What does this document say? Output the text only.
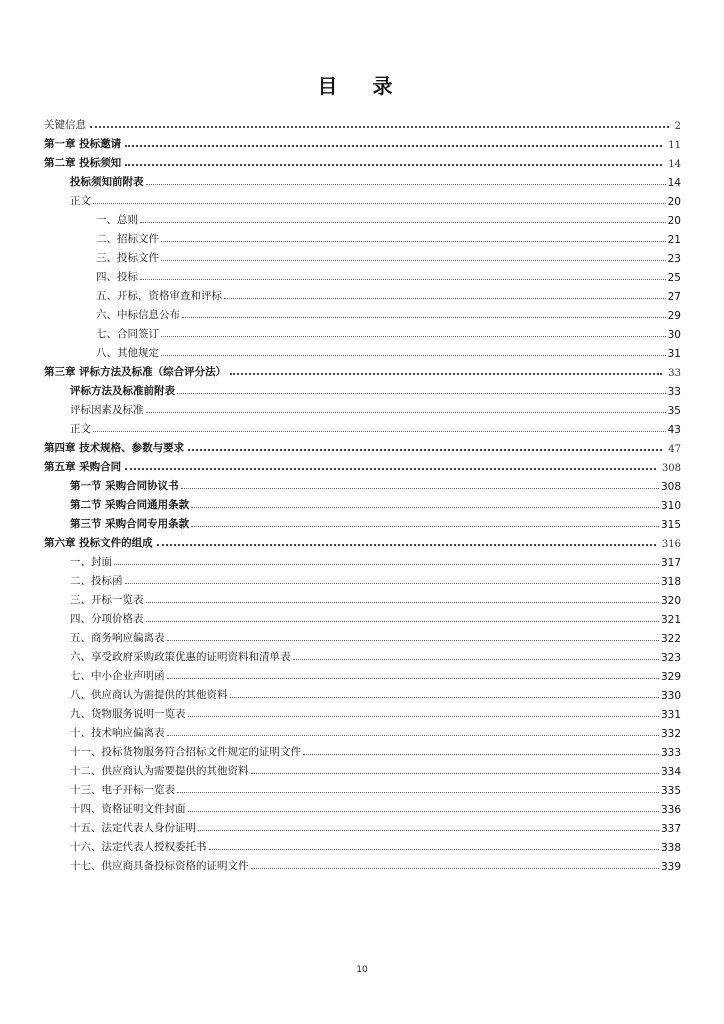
目 录
关键信息	2
第一章 投标邀请	11
第二章 投标须知	14
投标须知前附表	14
正文	20
一、总则	20
二、招标文件	21
三、投标文件	23
四、投标	25
五、开标，资格审查和评标	27
六、中标信息公布	29
七、合同签订	30
八、其他规定	31
第三章 评标方法及标准（综合评分法）	33
评标方法及标准前附表	33
评标因素及标准	35
正文	43
第四章 技术规格、参数与要求	47
第五章 采购合同	308
第一节 采购合同协议书	308
第二节 采购合同通用条款	310
第三节 采购合同专用条款	315
第六章 投标文件的组成	316
一、封面	317
二、投标函	318
三、开标一览表	320
四、分项价格表	321
五、商务响应偏离表	322
六、享受政府采购政策优惠的证明资料和清单表	323
七、中小企业声明函	329
八、供应商认为需提供的其他资料	330
九、货物服务说明一览表	331
十、技术响应偏离表	332
十一、投标货物服务符合招标文件规定的证明文件	333
十二、供应商认为需要提供的其他资料	334
十三、电子开标一览表	335
十四、资格证明文件封面	336
十五、法定代表人身份证明	337
十六、法定代表人授权委托书	338
十七、供应商具备投标资格的证明文件	339
10
